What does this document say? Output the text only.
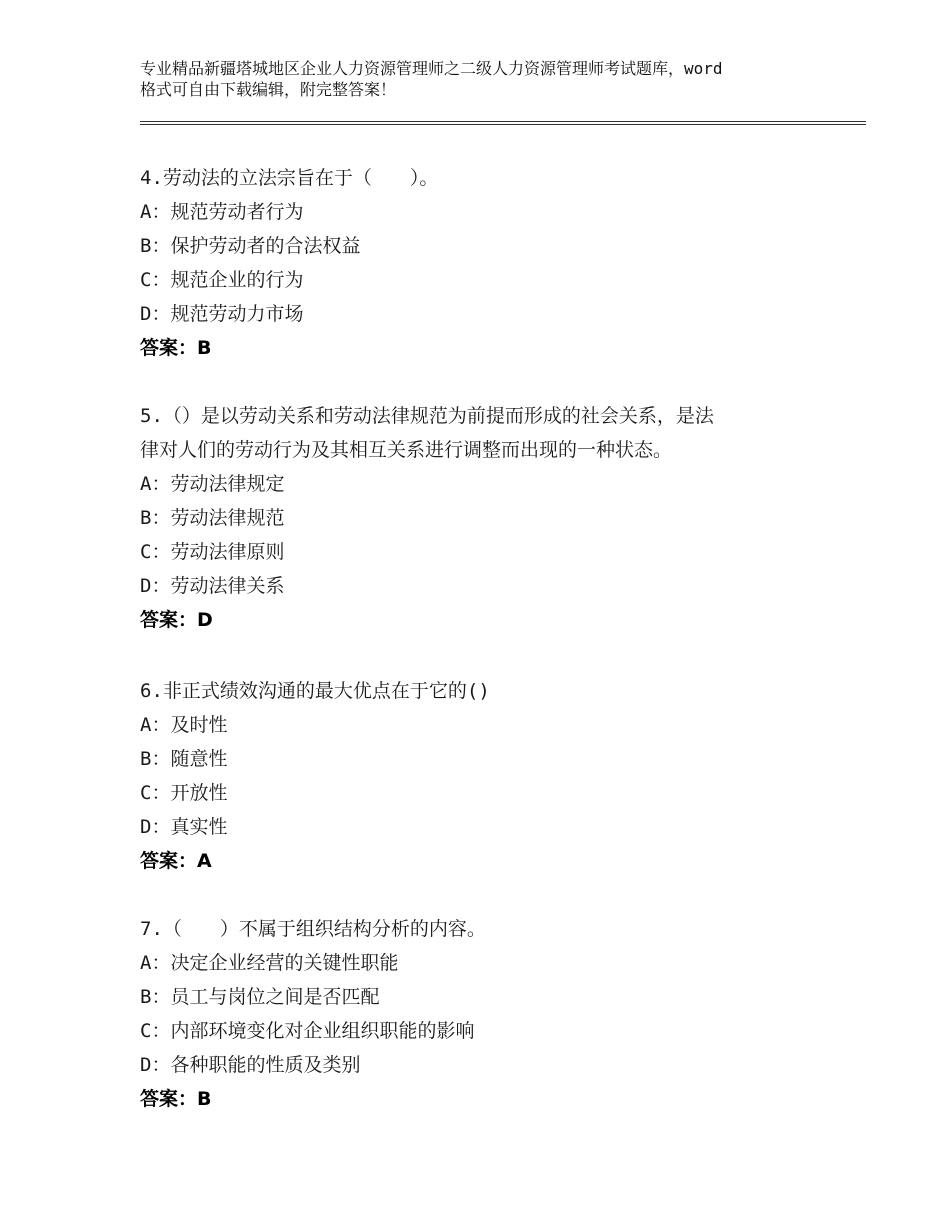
专业精品新疆塔城地区企业人力资源管理师之二级人力资源管理师考试题库，word
格式可自由下载编辑，附完整答案！
4.劳动法的立法宗旨在于（　　）。
A：规范劳动者行为
B：保护劳动者的合法权益
C：规范企业的行为
D：规范劳动力市场
答案：B
5.（）是以劳动关系和劳动法律规范为前提而形成的社会关系，是法
律对人们的劳动行为及其相互关系进行调整而出现的一种状态。
A：劳动法律规定
B：劳动法律规范
C：劳动法律原则
D：劳动法律关系
答案：D
6.非正式绩效沟通的最大优点在于它的()
A：及时性
B：随意性
C：开放性
D：真实性
答案：A
7.（　　）不属于组织结构分析的内容。
A：决定企业经营的关键性职能
B：员工与岗位之间是否匹配
C：内部环境变化对企业组织职能的影响
D：各种职能的性质及类别
答案：B
